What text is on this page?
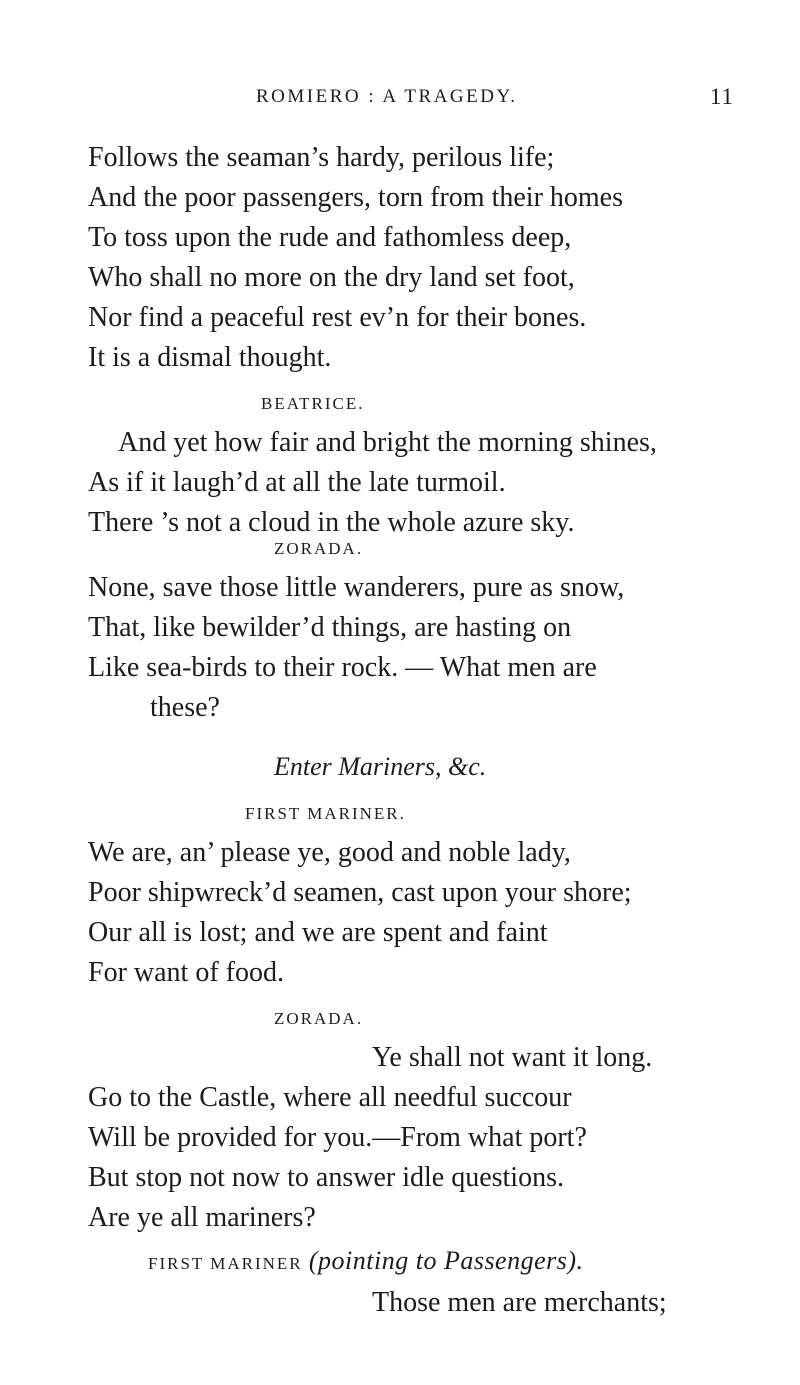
ROMIERO : A TRAGEDY.	11
Follows the seaman’s hardy, perilous life;
And the poor passengers, torn from their homes
To toss upon the rude and fathomless deep,
Who shall no more on the dry land set foot,
Nor find a peaceful rest ev’n for their bones.
It is a dismal thought.
BEATRICE.
And yet how fair and bright the morning shines,
As if it laugh’d at all the late turmoil.
There ’s not a cloud in the whole azure sky.
ZORADA.
None, save those little wanderers, pure as snow,
That, like bewilder’d things, are hasting on
Like sea-birds to their rock. — What men are
these?
Enter Mariners, &c.
FIRST MARINER.
We are, an’ please ye, good and noble lady,
Poor shipwreck’d seamen, cast upon your shore;
Our all is lost; and we are spent and faint
For want of food.
ZORADA.
Ye shall not want it long.
Go to the Castle, where all needful succour
Will be provided for you.—From what port?
But stop not now to answer idle questions.
Are ye all mariners?
FIRST MARINER (pointing to Passengers).
Those men are merchants;
